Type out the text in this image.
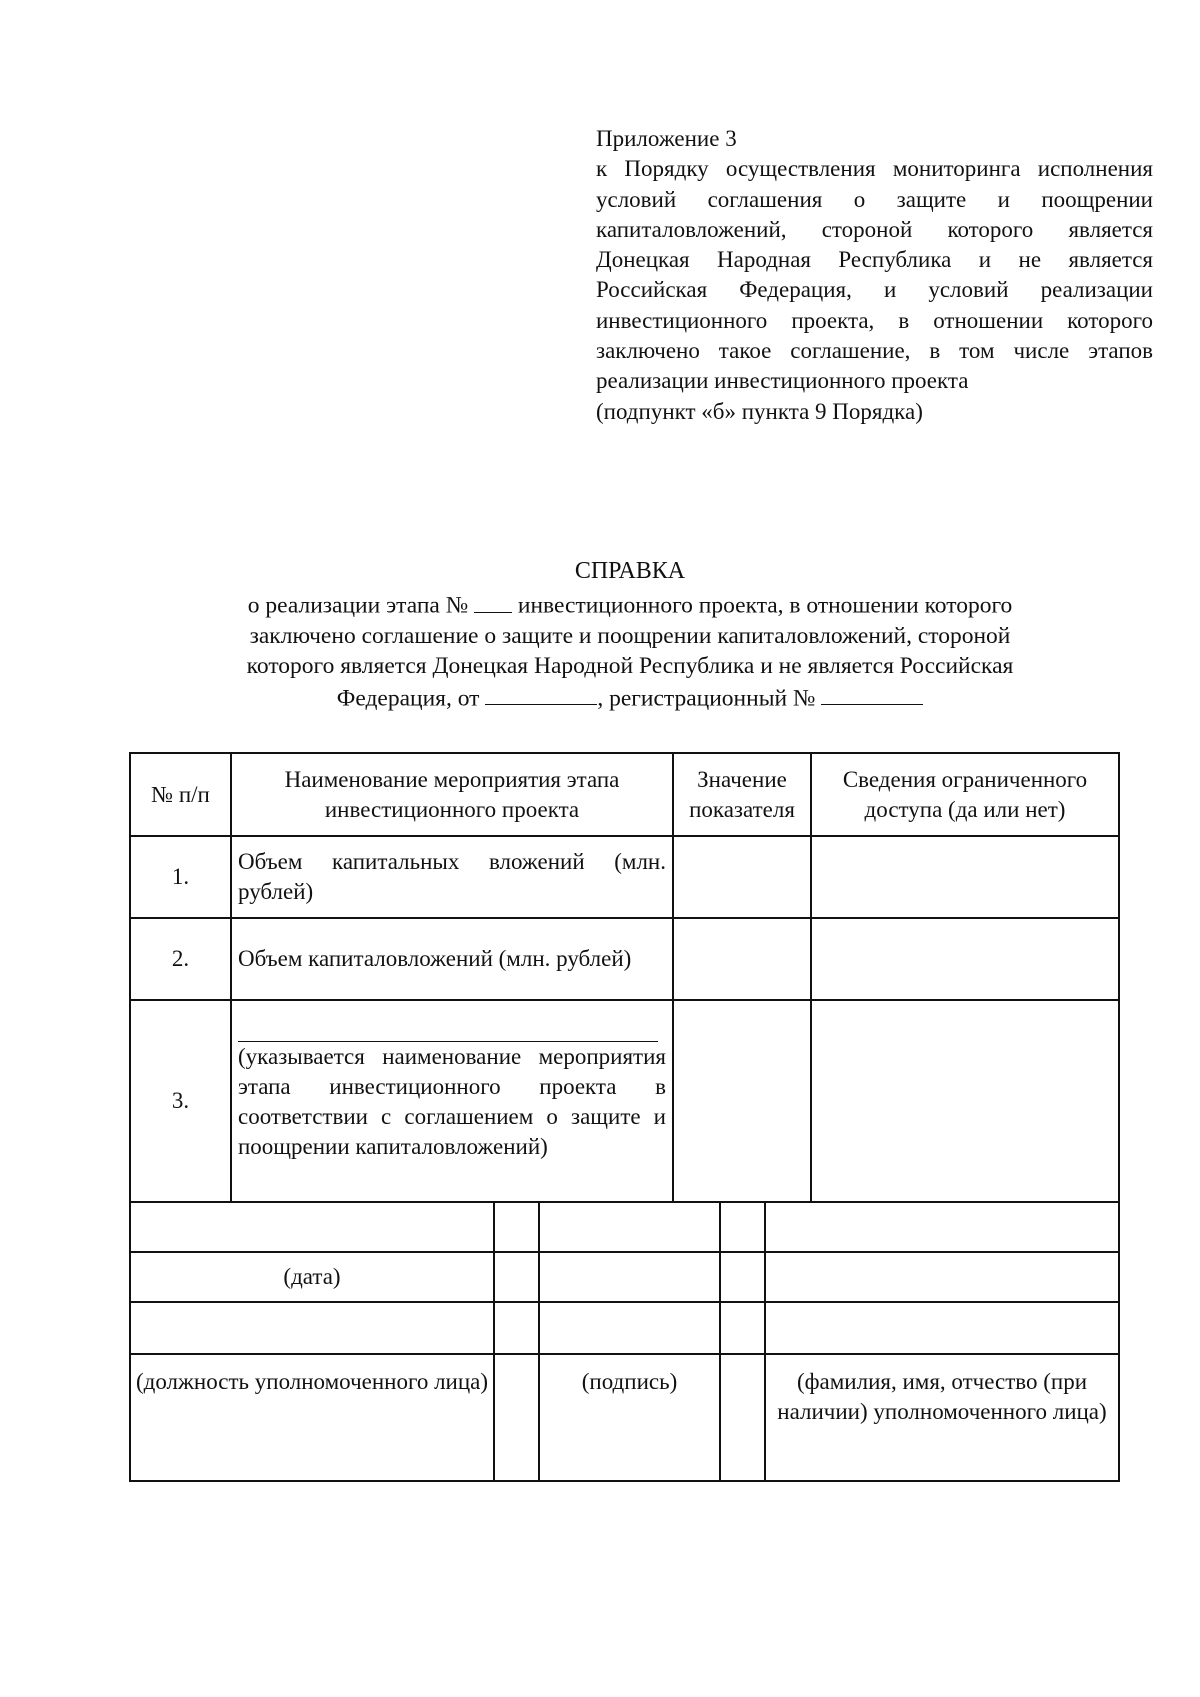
Приложение 3
к Порядку осуществления мониторинга исполнения условий соглашения о защите и поощрении капиталовложений, стороной которого является Донецкая Народная Республика и не является Российская Федерация, и условий реализации инвестиционного проекта, в отношении которого заключено такое соглашение, в том числе этапов реализации инвестиционного проекта
(подпункт «б» пункта 9 Порядка)
СПРАВКА
о реализации этапа № инвестиционного проекта, в отношении которого
заключено соглашение о защите и поощрении капиталовложений, стороной
которого является Донецкая Народной Республика и не является Российская
Федерация, от	, регистрационный №
№ п/п	Наименование мероприятия этапа инвестиционного проекта	Значение показателя	Сведения ограниченного доступа (да или нет)
1.	Объем капитальных вложений (млн. рублей)		
2.	Объем капиталовложений (млн. рублей)		
3.	(указывается наименование мероприятия этапа инвестиционного проекта в соответствии с соглашением о защите и поощрении капиталовложений)		

(дата)				

(должность уполномоченного лица)		(подпись)		(фамилия, имя, отчество (при наличии) уполномоченного лица)
